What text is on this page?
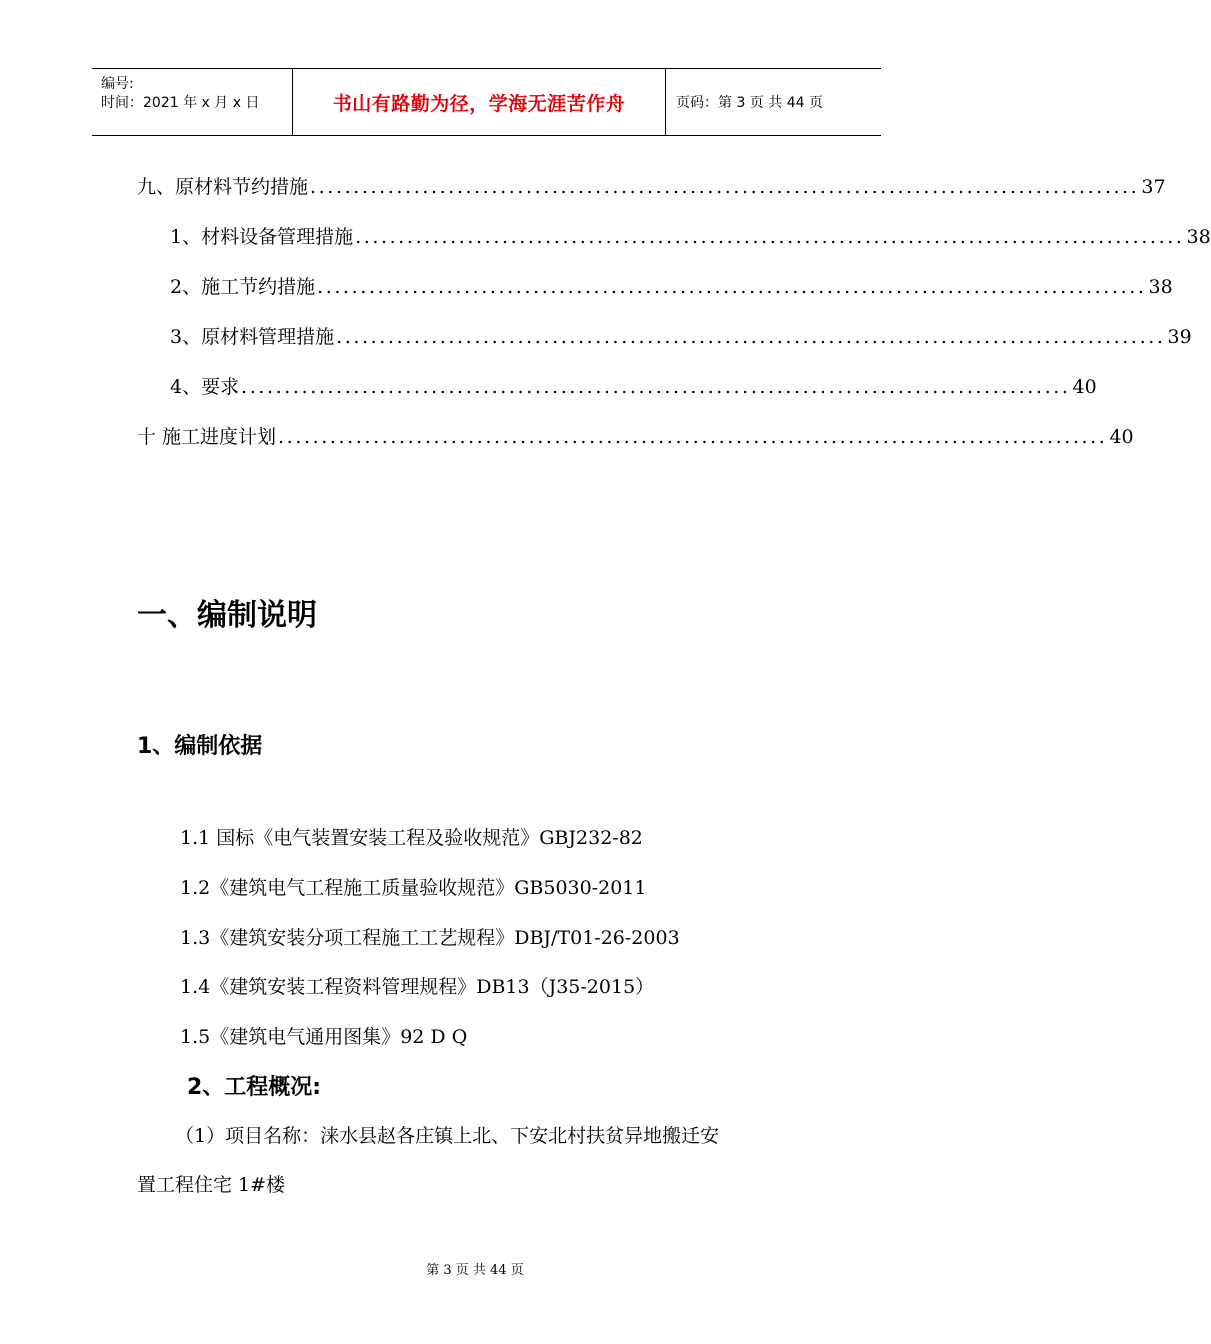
编号:
时间：2021 年 x 月 x 日	书山有路勤为径，学海无涯苦作舟	页码：第 3 页 共 44 页
九、原材料节约措施 ................................................................................................ 37
1、材料设备管理措施 ................................................................................................ 38
2、施工节约措施 ................................................................................................ 38
3、原材料管理措施 ................................................................................................ 39
4、要求 ................................................................................................ 40
十 施工进度计划 ................................................................................................ 40
一、编制说明
1、编制依据
1.1 国标《电气装置安装工程及验收规范》GBJ232-82
1.2《建筑电气工程施工质量验收规范》GB5030-2011
1.3《建筑安装分项工程施工工艺规程》DBJ/T01-26-2003
1.4《建筑安装工程资料管理规程》DB13（J35-2015）
1.5《建筑电气通用图集》92 D Q
2、工程概况:
（1）项目名称：涞水县赵各庄镇上北、下安北村扶贫异地搬迁安
置工程住宅 1#楼
第 3 页 共 44 页
